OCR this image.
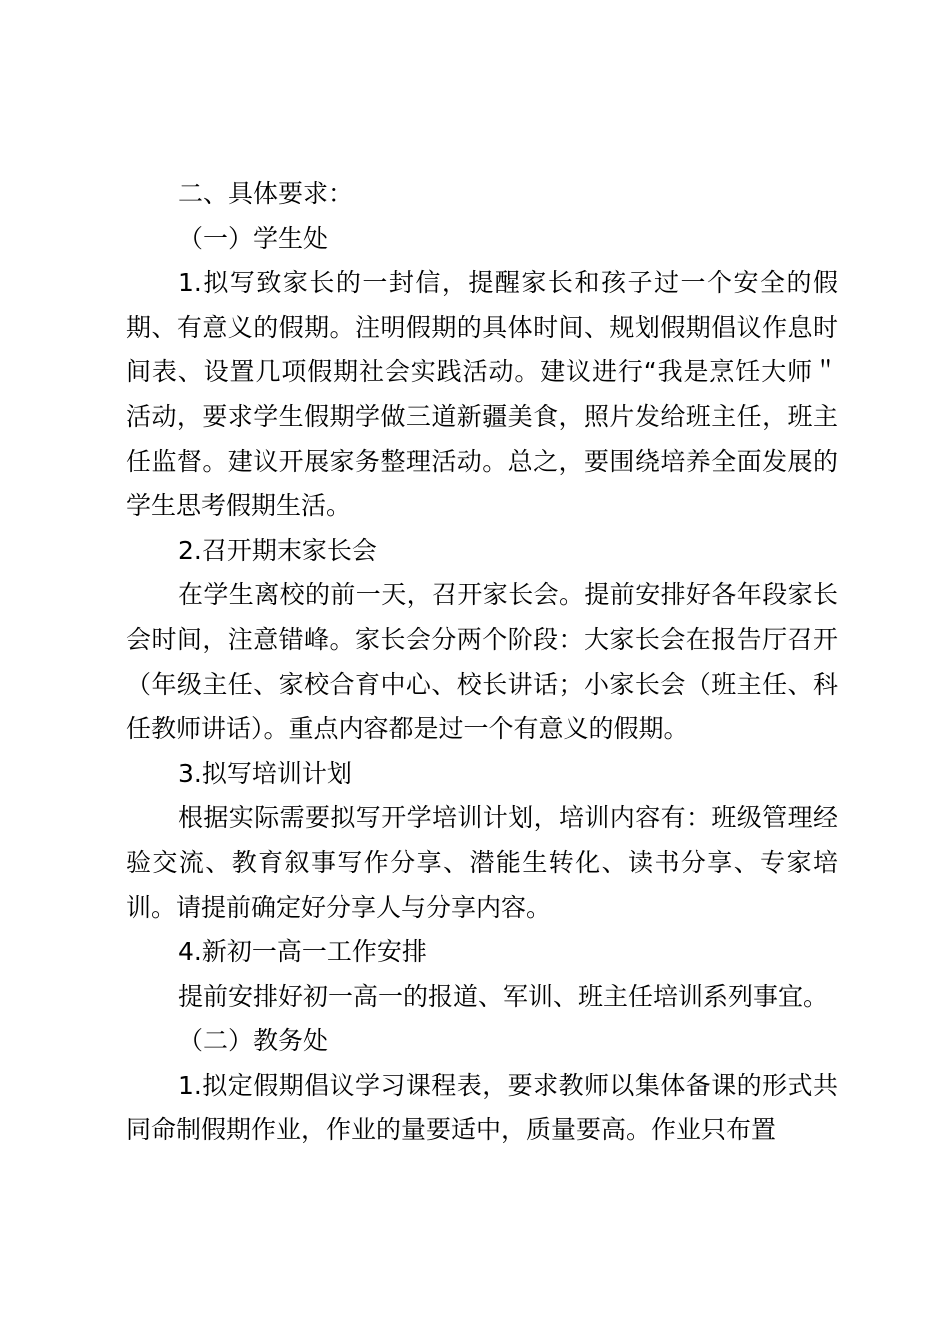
二、具体要求：

（一）学生处

1.拟写致家长的一封信，提醒家长和孩子过一个安全的假期、有意义的假期。注明假期的具体时间、规划假期倡议作息时间表、设置几项假期社会实践活动。建议进行“我是烹饪大师＂活动，要求学生假期学做三道新疆美食，照片发给班主任，班主任监督。建议开展家务整理活动。总之，要围绕培养全面发展的学生思考假期生活。

2.召开期末家长会

在学生离校的前一天，召开家长会。提前安排好各年段家长会时间，注意错峰。家长会分两个阶段：大家长会在报告厅召开（年级主任、家校合育中心、校长讲话；小家长会（班主任、科任教师讲话）。重点内容都是过一个有意义的假期。

3.拟写培训计划

根据实际需要拟写开学培训计划，培训内容有：班级管理经验交流、教育叙事写作分享、潜能生转化、读书分享、专家培训。请提前确定好分享人与分享内容。

4.新初一高一工作安排

提前安排好初一高一的报道、军训、班主任培训系列事宜。

（二）教务处

1.拟定假期倡议学习课程表，要求教师以集体备课的形式共同命制假期作业，作业的量要适中，质量要高。作业只布置
